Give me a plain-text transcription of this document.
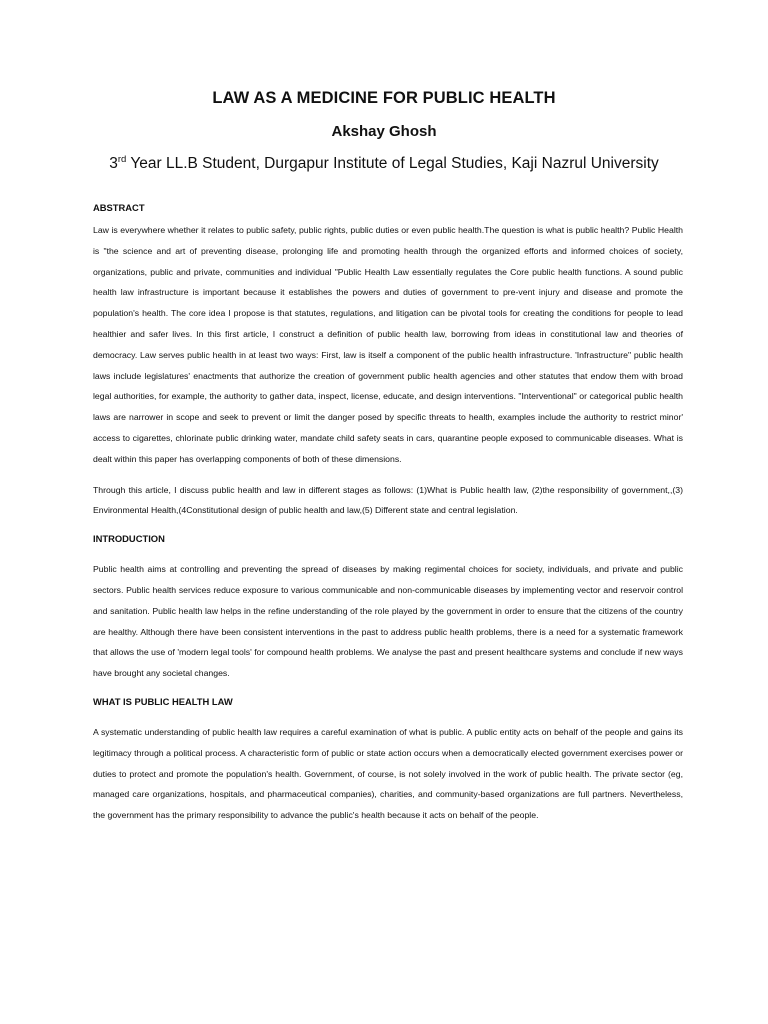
LAW AS A MEDICINE FOR PUBLIC HEALTH
Akshay Ghosh
3rd Year LL.B Student, Durgapur Institute of Legal Studies, Kaji Nazrul University
ABSTRACT

Law is everywhere whether it relates to public safety, public rights, public duties or even public health.The question is what is public health? Public Health is "the science and art of preventing disease, prolonging life and promoting health through the organized efforts and informed choices of society, organizations, public and private, communities and individual "Public Health Law essentially regulates the Core public health functions. A sound public health law infrastructure is important because it establishes the powers and duties of government to pre-vent injury and disease and promote the population's health. The core idea I propose is that statutes, regulations, and litigation can be pivotal tools for creating the conditions for people to lead healthier and safer lives. In this first article, I construct a definition of public health law, borrowing from ideas in constitutional law and theories of democracy. Law serves public health in at least two ways: First, law is itself a component of the public health infrastructure. 'Infrastructure" public health laws include legislatures' enactments that authorize the creation of government public health agencies and other statutes that endow them with broad legal authorities, for example, the authority to gather data, inspect, license, educate, and design interventions. "Interventional" or categorical public health laws are narrower in scope and seek to prevent or limit the danger posed by specific threats to health, examples include the authority to restrict minor' access to cigarettes, chlorinate public drinking water, mandate child safety seats in cars, quarantine people exposed to communicable diseases. What is dealt within this paper has overlapping components of both of these dimensions.

Through this article, I discuss public health and law in different stages as follows: (1)What is Public health law, (2)the responsibility of government,,(3) Environmental Health,(4Constitutional design of public health and law,(5) Different state and central legislation.

INTRODUCTION

Public health aims at controlling and preventing the spread of diseases by making regimental choices for society, individuals, and private and public sectors. Public health services reduce exposure to various communicable and non-communicable diseases by implementing vector and reservoir control and sanitation. Public health law helps in the refine understanding of the role played by the government in order to ensure that the citizens of the country are healthy. Although there have been consistent interventions in the past to address public health problems, there is a need for a systematic framework that allows the use of 'modern legal tools' for compound health problems. We analyse the past and present healthcare systems and conclude if new ways have brought any societal changes.

WHAT IS PUBLIC HEALTH LAW

A systematic understanding of public health law requires a careful examination of what is public. A public entity acts on behalf of the people and gains its legitimacy through a political process. A characteristic form of public or state action occurs when a democratically elected government exercises power or duties to protect and promote the population's health. Government, of course, is not solely involved in the work of public health. The private sector (eg, managed care organizations, hospitals, and pharmaceutical companies), charities, and community-based organizations are full partners. Nevertheless, the government has the primary responsibility to advance the public's health because it acts on behalf of the people.
